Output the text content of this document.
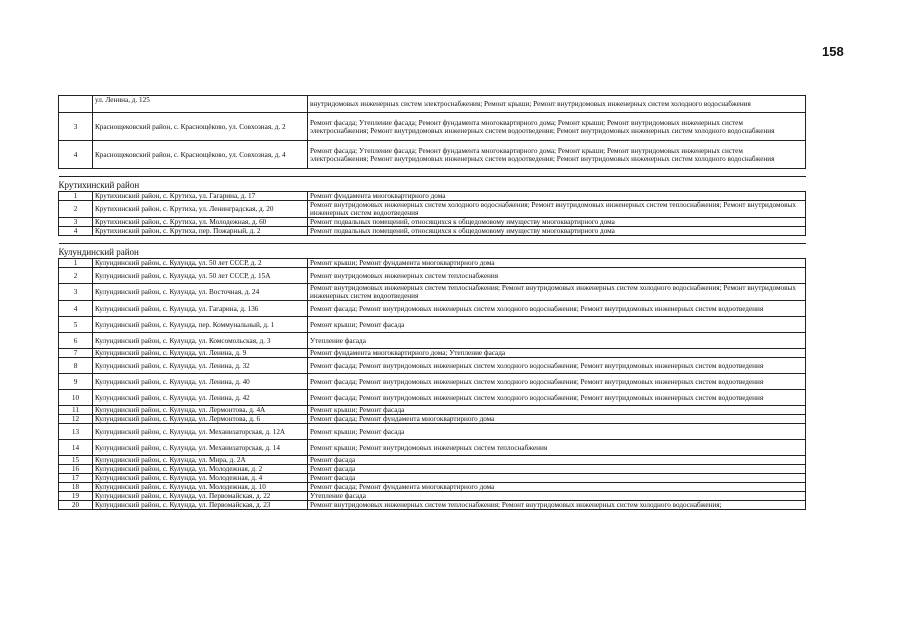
158
	ул. Ленина, д. 125	внутридомовых инженерных систем электроснабжения; Ремонт крыши; Ремонт внутридомовых инженерных систем холодного водоснабжения
3	Краснощековский район, с. Краснощёково, ул. Совхозная, д. 2	Ремонт фасада; Утепление фасада; Ремонт фундамента многоквартирного дома; Ремонт крыши; Ремонт внутридомовых инженерных систем электроснабжения; Ремонт внутридомовых инженерных систем водоотведения; Ремонт внутридомовых инженерных систем холодного водоснабжения
4	Краснощековский район, с. Краснощёково, ул. Совхозная, д. 4	Ремонт фасада; Утепление фасада; Ремонт фундамента многоквартирного дома; Ремонт крыши; Ремонт внутридомовых инженерных систем электроснабжения; Ремонт внутридомовых инженерных систем водоотведения; Ремонт внутридомовых инженерных систем холодного водоснабжения

Крутихинский район		
1	Крутихинский район, с. Крутиха, ул. Гагарина, д. 17	Ремонт фундамента многоквартирного дома
2	Крутихинский район, с. Крутиха, ул. Ленинградская, д. 20	Ремонт внутридомовых инженерных систем холодного водоснабжения; Ремонт внутридомовых инженерных систем теплоснабжения; Ремонт внутридомовых инженерных систем водоотведения
3	Крутихинский район, с. Крутиха, ул. Молодежная, д. 60	Ремонт подвальных помещений, относящихся к общедомовому имуществу многоквартирного дома
4	Крутихинский район, с. Крутиха, пер. Пожарный, д. 2	Ремонт подвальных помещений, относящихся к общедомовому имуществу многоквартирного дома

Кулундинский район		
1	Кулундинский район, с. Кулунда, ул. 50 лет СССР, д. 2	Ремонт крыши; Ремонт фундамента многоквартирного дома
2	Кулундинский район, с. Кулунда, ул. 50 лет СССР, д. 15А	Ремонт внутридомовых инженерных систем теплоснабжения
3	Кулундинский район, с. Кулунда, ул. Восточная, д. 24	Ремонт внутридомовых инженерных систем теплоснабжения; Ремонт внутридомовых инженерных систем холодного водоснабжения; Ремонт внутридомовых инженерных систем водоотведения
4	Кулундинский район, с. Кулунда, ул. Гагарина, д. 136	Ремонт фасада; Ремонт внутридомовых инженерных систем холодного водоснабжения; Ремонт внутридомовых инженерных систем водоотведения
5	Кулундинский район, с. Кулунда, пер. Коммунальный, д. 1	Ремонт крыши; Ремонт фасада
6	Кулундинский район, с. Кулунда, ул. Комсомольская, д. 3	Утепление фасада
7	Кулундинский район, с. Кулунда, ул. Ленина, д. 9	Ремонт фундамента многоквартирного дома; Утепление фасада
8	Кулундинский район, с. Кулунда, ул. Ленина, д. 32	Ремонт фасада; Ремонт внутридомовых инженерных систем холодного водоснабжения; Ремонт внутридомовых инженерных систем водоотведения
9	Кулундинский район, с. Кулунда, ул. Ленина, д. 40	Ремонт фасада; Ремонт внутридомовых инженерных систем холодного водоснабжения; Ремонт внутридомовых инженерных систем водоотведения
10	Кулундинский район, с. Кулунда, ул. Ленина, д. 42	Ремонт фасада; Ремонт внутридомовых инженерных систем холодного водоснабжения; Ремонт внутридомовых инженерных систем водоотведения
11	Кулундинский район, с. Кулунда, ул. Лермонтова, д. 4А	Ремонт крыши; Ремонт фасада
12	Кулундинский район, с. Кулунда, ул. Лермонтова, д. 6	Ремонт фасада; Ремонт фундамента многоквартирного дома
13	Кулундинский район, с. Кулунда, ул. Механизаторская, д. 12А	Ремонт крыши; Ремонт фасада
14	Кулундинский район, с. Кулунда, ул. Механизаторская, д. 14	Ремонт крыши; Ремонт внутридомовых инженерных систем теплоснабжения
15	Кулундинский район, с. Кулунда, ул. Мира, д. 2А	Ремонт фасада
16	Кулундинский район, с. Кулунда, ул. Молодежная, д. 2	Ремонт фасада
17	Кулундинский район, с. Кулунда, ул. Молодежная, д. 4	Ремонт фасада
18	Кулундинский район, с. Кулунда, ул. Молодежная, д. 10	Ремонт фасада; Ремонт фундамента многоквартирного дома
19	Кулундинский район, с. Кулунда, ул. Первомайская, д. 22	Утепление фасада
20	Кулундинский район, с. Кулунда, ул. Первомайская, д. 23	Ремонт внутридомовых инженерных систем теплоснабжения; Ремонт внутридомовых инженерных систем холодного водоснабжения;
